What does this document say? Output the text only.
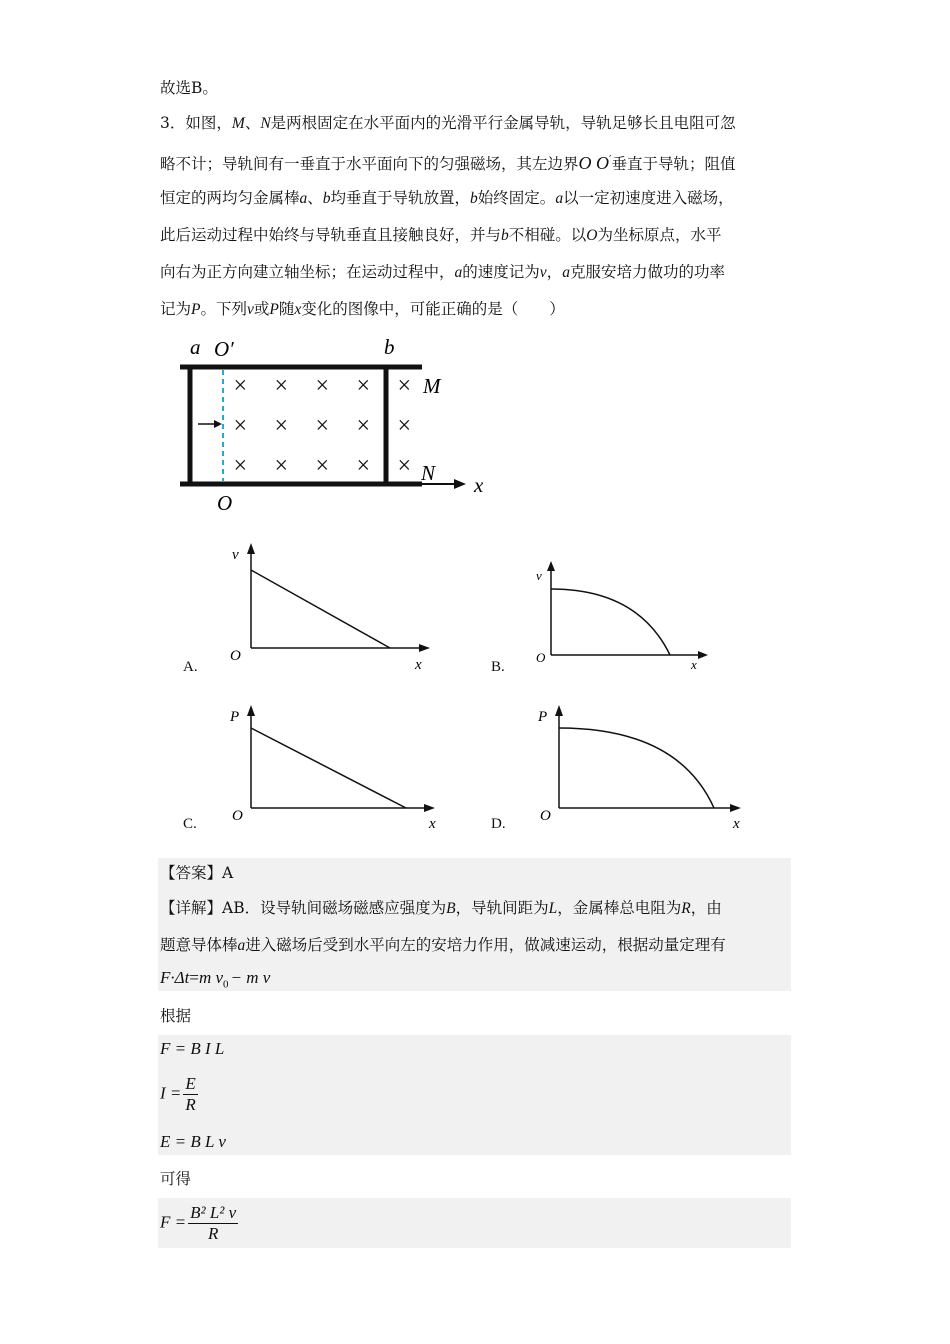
故选B。
3．如图，M、N是两根固定在水平面内的光滑平行金属导轨，导轨足够长且电阻可忽
略不计；导轨间有一垂直于水平面向下的匀强磁场，其左边界O O′垂直于导轨；阻值
恒定的两均匀金属棒a、b均垂直于导轨放置，b始终固定。a以一定初速度进入磁场，
此后运动过程中始终与导轨垂直且接触良好，并与b不相碰。以O为坐标原点，水平
向右为正方向建立轴坐标；在运动过程中，a的速度记为v，a克服安培力做功的功率
记为P。下列v或P随x变化的图像中，可能正确的是（　　）
× × × × ×
× × × × ×
× × × × ×
a O′	b
M
N
O
x
A.
v
O
x	B.
v
O	x
C.
P
O	x	D.
P
O	x
【答案】A
【详解】AB．设导轨间磁场磁感应强度为B，导轨间距为L，金属棒总电阻为R，由
题意导体棒a进入磁场后受到水平向左的安培力作用，做减速运动，根据动量定理有
F·Δt=m $v_0 - m$ v
根据
F = B I L
$I = \frac{E}{R}$
E = B L v
可得
$F = \frac{\text{B² L² v}}{R}$
